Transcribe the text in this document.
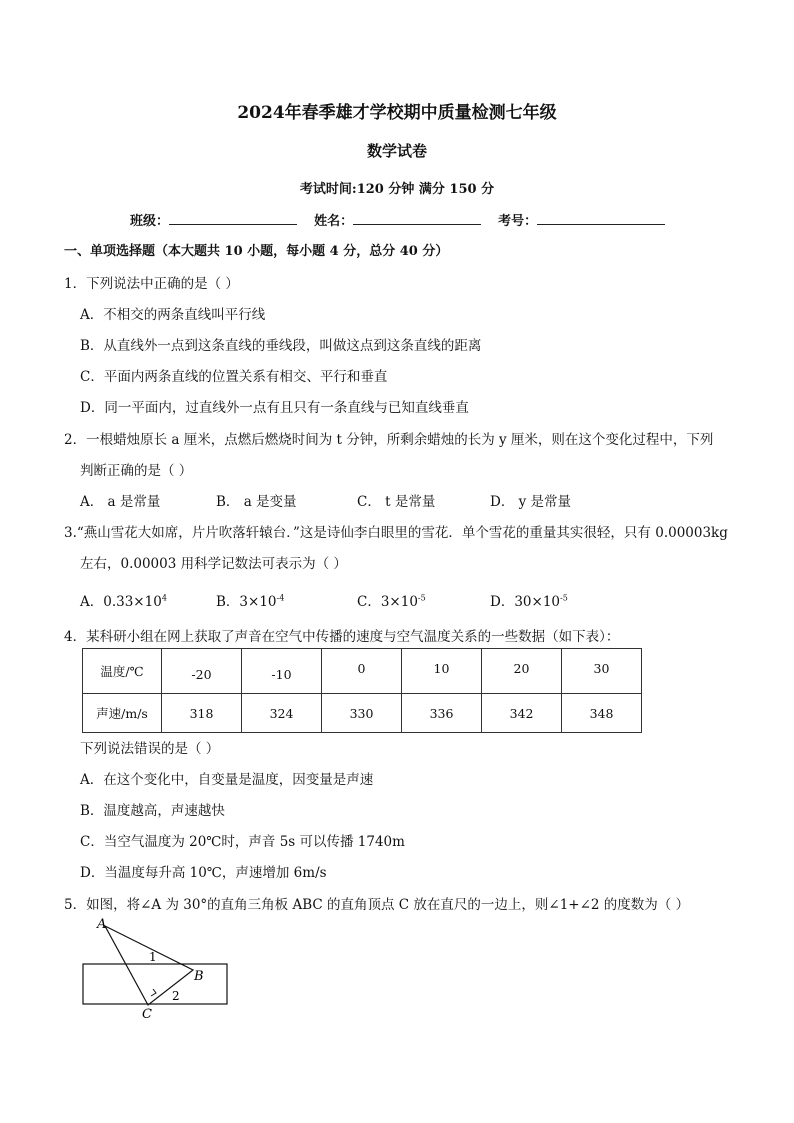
2024年春季雄才学校期中质量检测七年级
数学试卷
考试时间:120 分钟 满分 150 分
班级：	姓名：	考号：
一、单项选择题（本大题共 10 小题，每小题 4 分，总分 40 分）
1．下列说法中正确的是（ ）
A．不相交的两条直线叫平行线
B．从直线外一点到这条直线的垂线段，叫做这点到这条直线的距离
C．平面内两条直线的位置关系有相交、平行和垂直
D．同一平面内，过直线外一点有且只有一条直线与已知直线垂直
2．一根蜡烛原长 a 厘米，点燃后燃烧时间为 t 分钟，所剩余蜡烛的长为 y 厘米，则在这个变化过程中，下列
判断正确的是（ ）
A． a 是常量	B． a 是变量	C． t 是常量	D． y 是常量
3.“燕山雪花大如席，片片吹落轩辕台．”这是诗仙李白眼里的雪花．单个雪花的重量其实很轻，只有 0.00003kg
左右，0.00003 用科学记数法可表示为（ ）
A．$0.33\times 10^4$	B．$3\times 10^{-4}$	C．$3\times 10^{-5}$	D．$30\times 10^{-5}$
4．某科研小组在网上获取了声音在空气中传播的速度与空气温度关系的一些数据（如下表）：
温度/℃	-20	-10	0	10	20	30
声速/m/s	318	324	330	336	342	348
下列说法错误的是（ ）
A．在这个变化中，自变量是温度，因变量是声速
B．温度越高，声速越快
C．当空气温度为 20℃时，声音 5s 可以传播 1740m
D．当温度每升高 10℃，声速增加 6m/s
5．如图，将∠A 为 30°的直角三角板 ABC 的直角顶点 C 放在直尺的一边上，则∠1+∠2 的度数为（ ）
A
B
C
1
2
